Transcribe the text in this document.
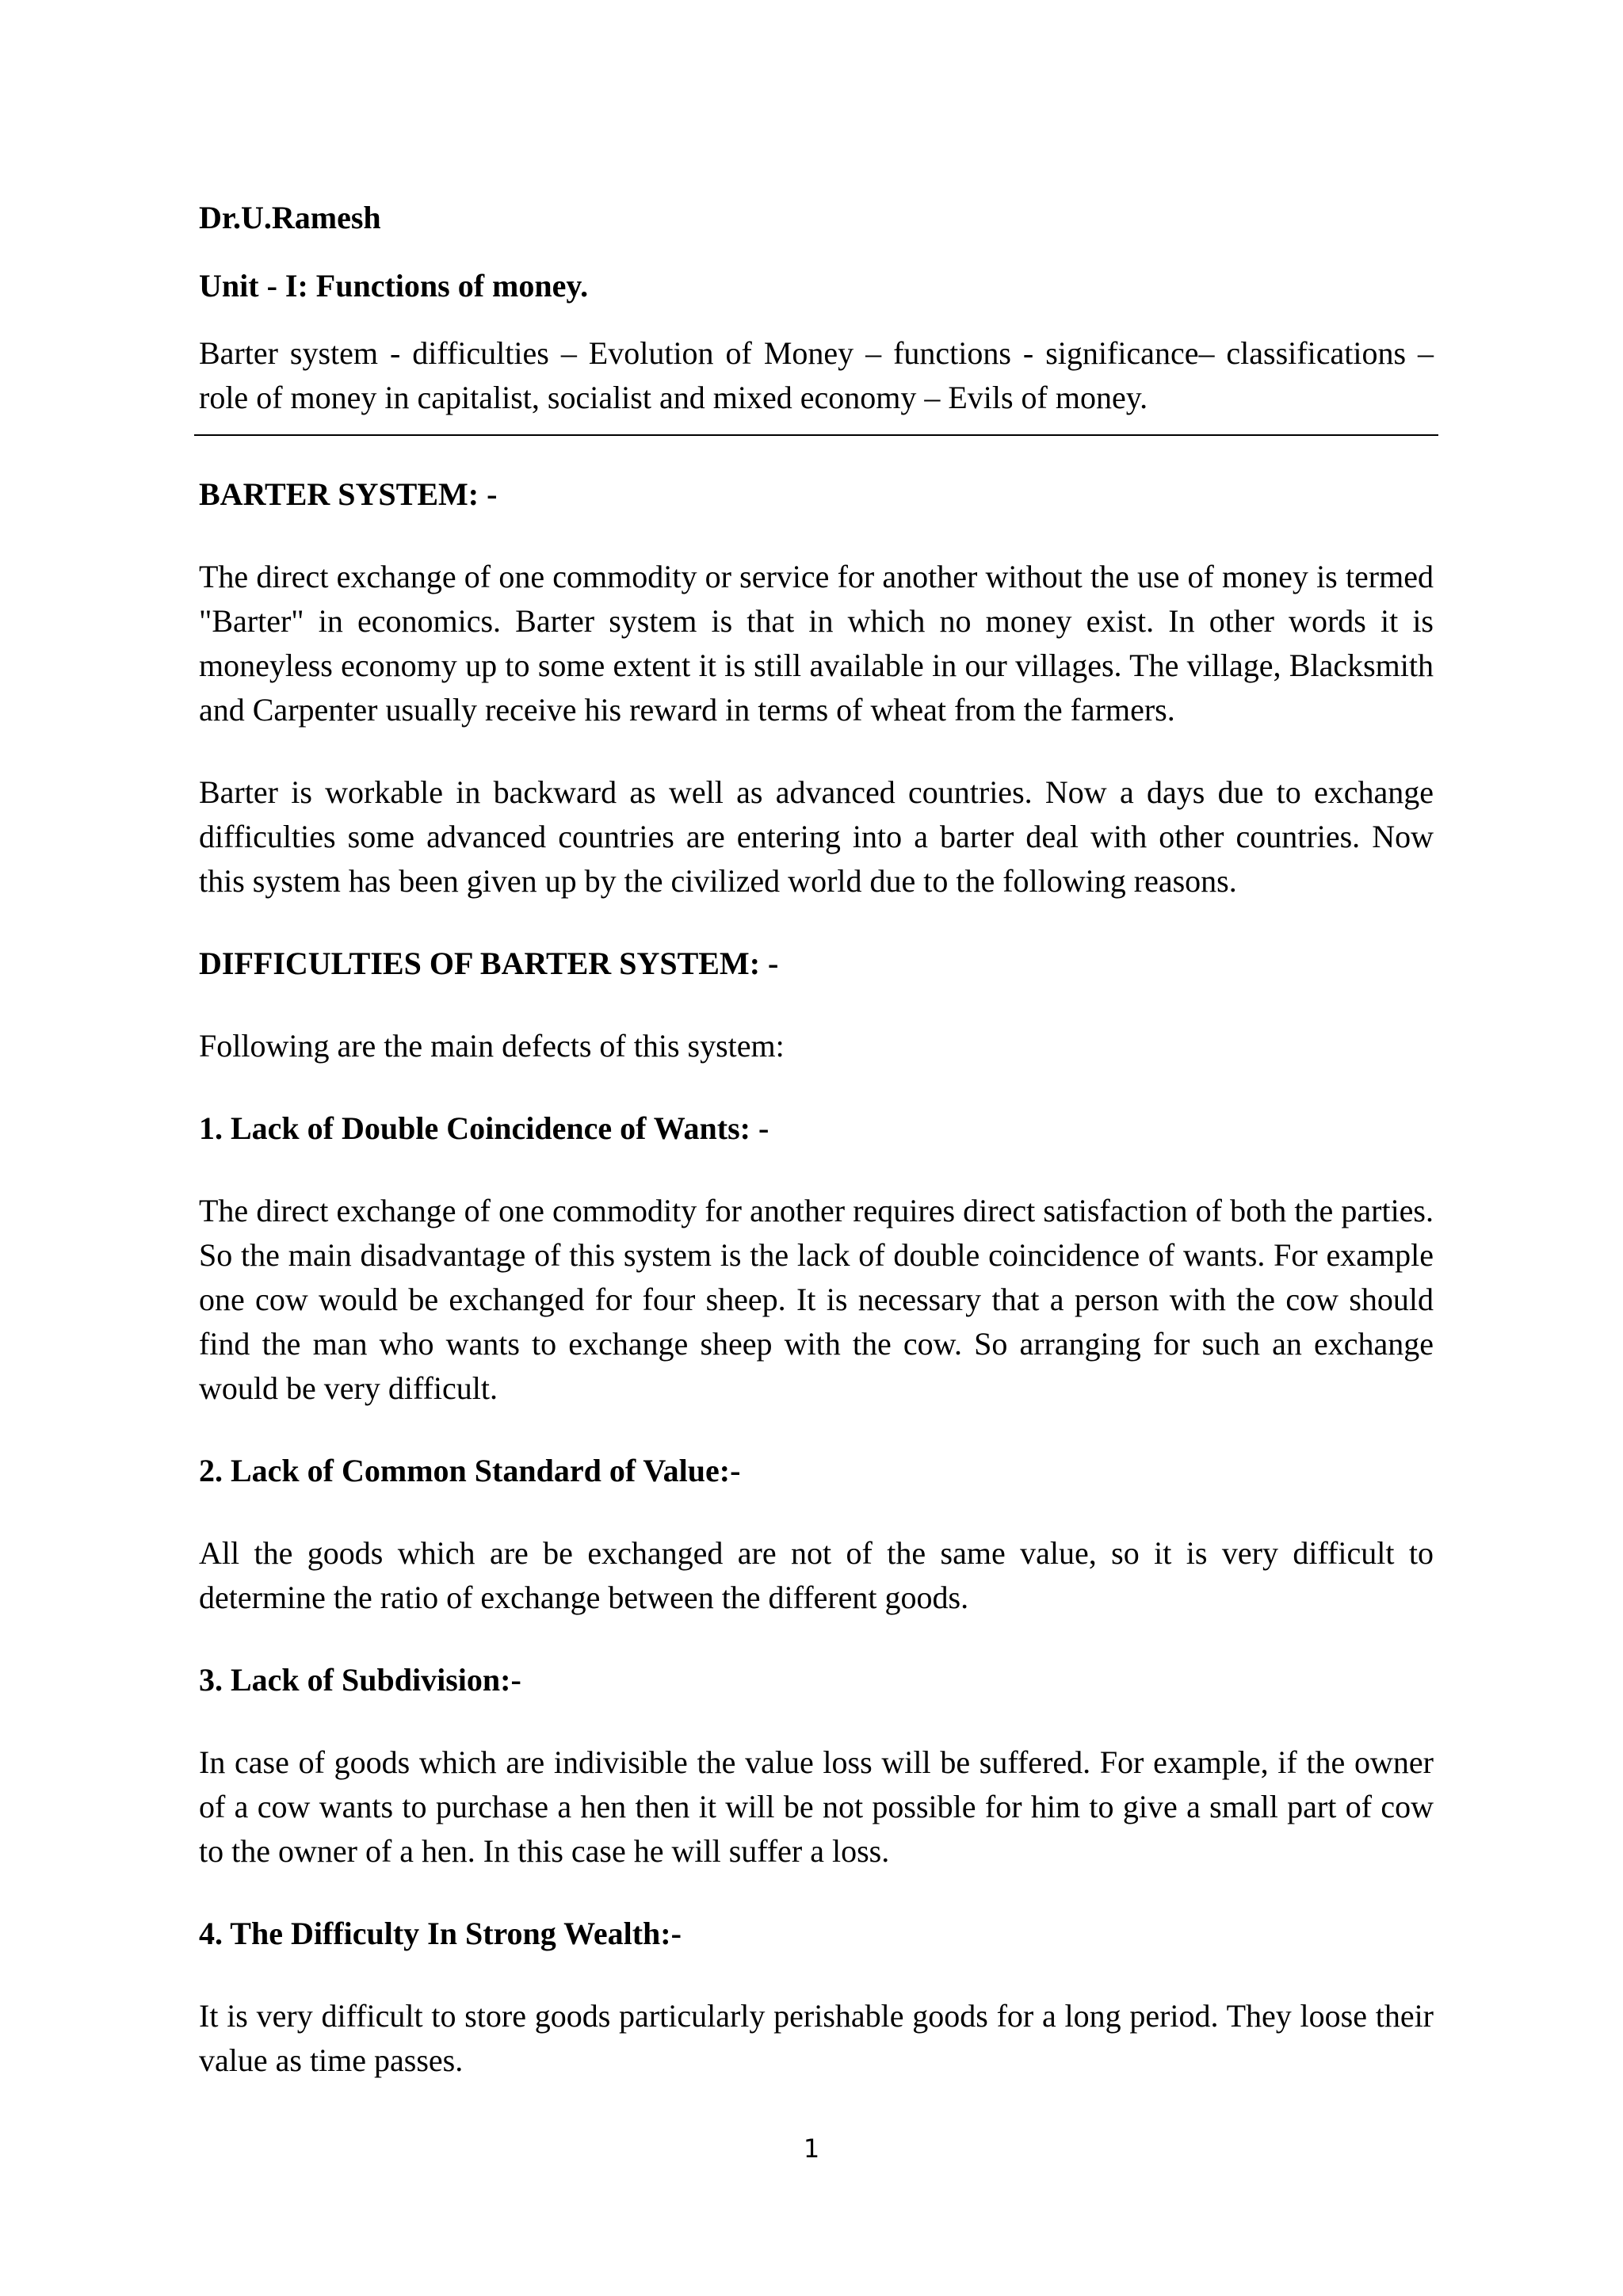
Dr.U.Ramesh
Unit - I: Functions of money.

Barter system - difficulties – Evolution of Money – functions - significance– classifications – role of money in capitalist, socialist and mixed economy – Evils of money.

BARTER SYSTEM: -

The direct exchange of one commodity or service for another without the use of money is termed "Barter" in economics. Barter system is that in which no money exist. In other words it is moneyless economy up to some extent it is still available in our villages. The village, Blacksmith and Carpenter usually receive his reward in terms of wheat from the farmers.

Barter is workable in backward as well as advanced countries. Now a days due to exchange difficulties some advanced countries are entering into a barter deal with other countries. Now this system has been given up by the civilized world due to the following reasons.

DIFFICULTIES OF BARTER SYSTEM: -

Following are the main defects of this system:

1. Lack of Double Coincidence of Wants: -

The direct exchange of one commodity for another requires direct satisfaction of both the parties. So the main disadvantage of this system is the lack of double coincidence of wants. For example one cow would be exchanged for four sheep. It is necessary that a person with the cow should find the man who wants to exchange sheep with the cow. So arranging for such an exchange would be very difficult.

2. Lack of Common Standard of Value:-

All the goods which are be exchanged are not of the same value, so it is very difficult to determine the ratio of exchange between the different goods.

3. Lack of Subdivision:-

In case of goods which are indivisible the value loss will be suffered. For example, if the owner of a cow wants to purchase a hen then it will be not possible for him to give a small part of cow to the owner of a hen. In this case he will suffer a loss.

4. The Difficulty In Strong Wealth:-

It is very difficult to store goods particularly perishable goods for a long period. They loose their value as time passes.

1
